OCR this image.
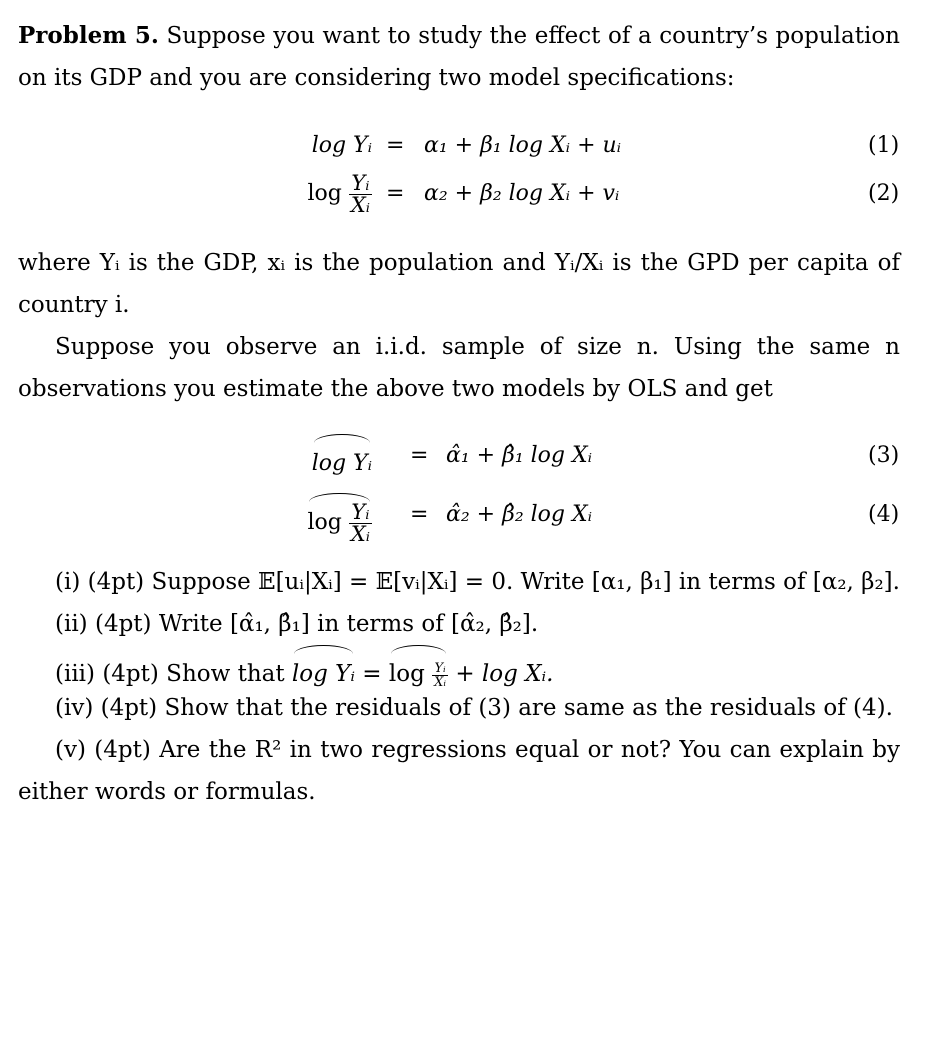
Problem 5. Suppose you want to study the effect of a country’s population on its GDP and you are considering two model specifications:
log Yᵢ = α₁ + β₁ log Xᵢ + uᵢ	(1)
$\log \frac{\text{Yᵢ}}{\text{Xᵢ}} = \alpha_2 + \beta_2$ log Xᵢ + vᵢ	(2)
where Yᵢ is the GDP, xᵢ is the population and Yᵢ/Xᵢ is the GPD per capita of country i.
Suppose you observe an i.i.d. sample of size n. Using the same n observations you estimate the above two models by OLS and get
log Yᵢ = α̂₁ + β̂₁ log Xᵢ	(3)
$\log \frac{\text{Yᵢ}}{\text{Xᵢ}}$ = α̂₂ + β̂₂ log Xᵢ	(4)
(i) (4pt) Suppose 𝔼[uᵢ|Xᵢ] = 𝔼[vᵢ|Xᵢ] = 0. Write [α₁, β₁] in terms of [α₂, β₂].
(ii) (4pt) Write [α̂₁, β̂₁] in terms of [α̂₂, β̂₂].
(iii) (4pt) Show that log Yᵢ = $\log \frac{\text{Yᵢ}}{\text{Xᵢ}} + \log$ Xᵢ.
(iv) (4pt) Show that the residuals of (3) are same as the residuals of (4).
(v) (4pt) Are the R² in two regressions equal or not? You can explain by either words or formulas.
